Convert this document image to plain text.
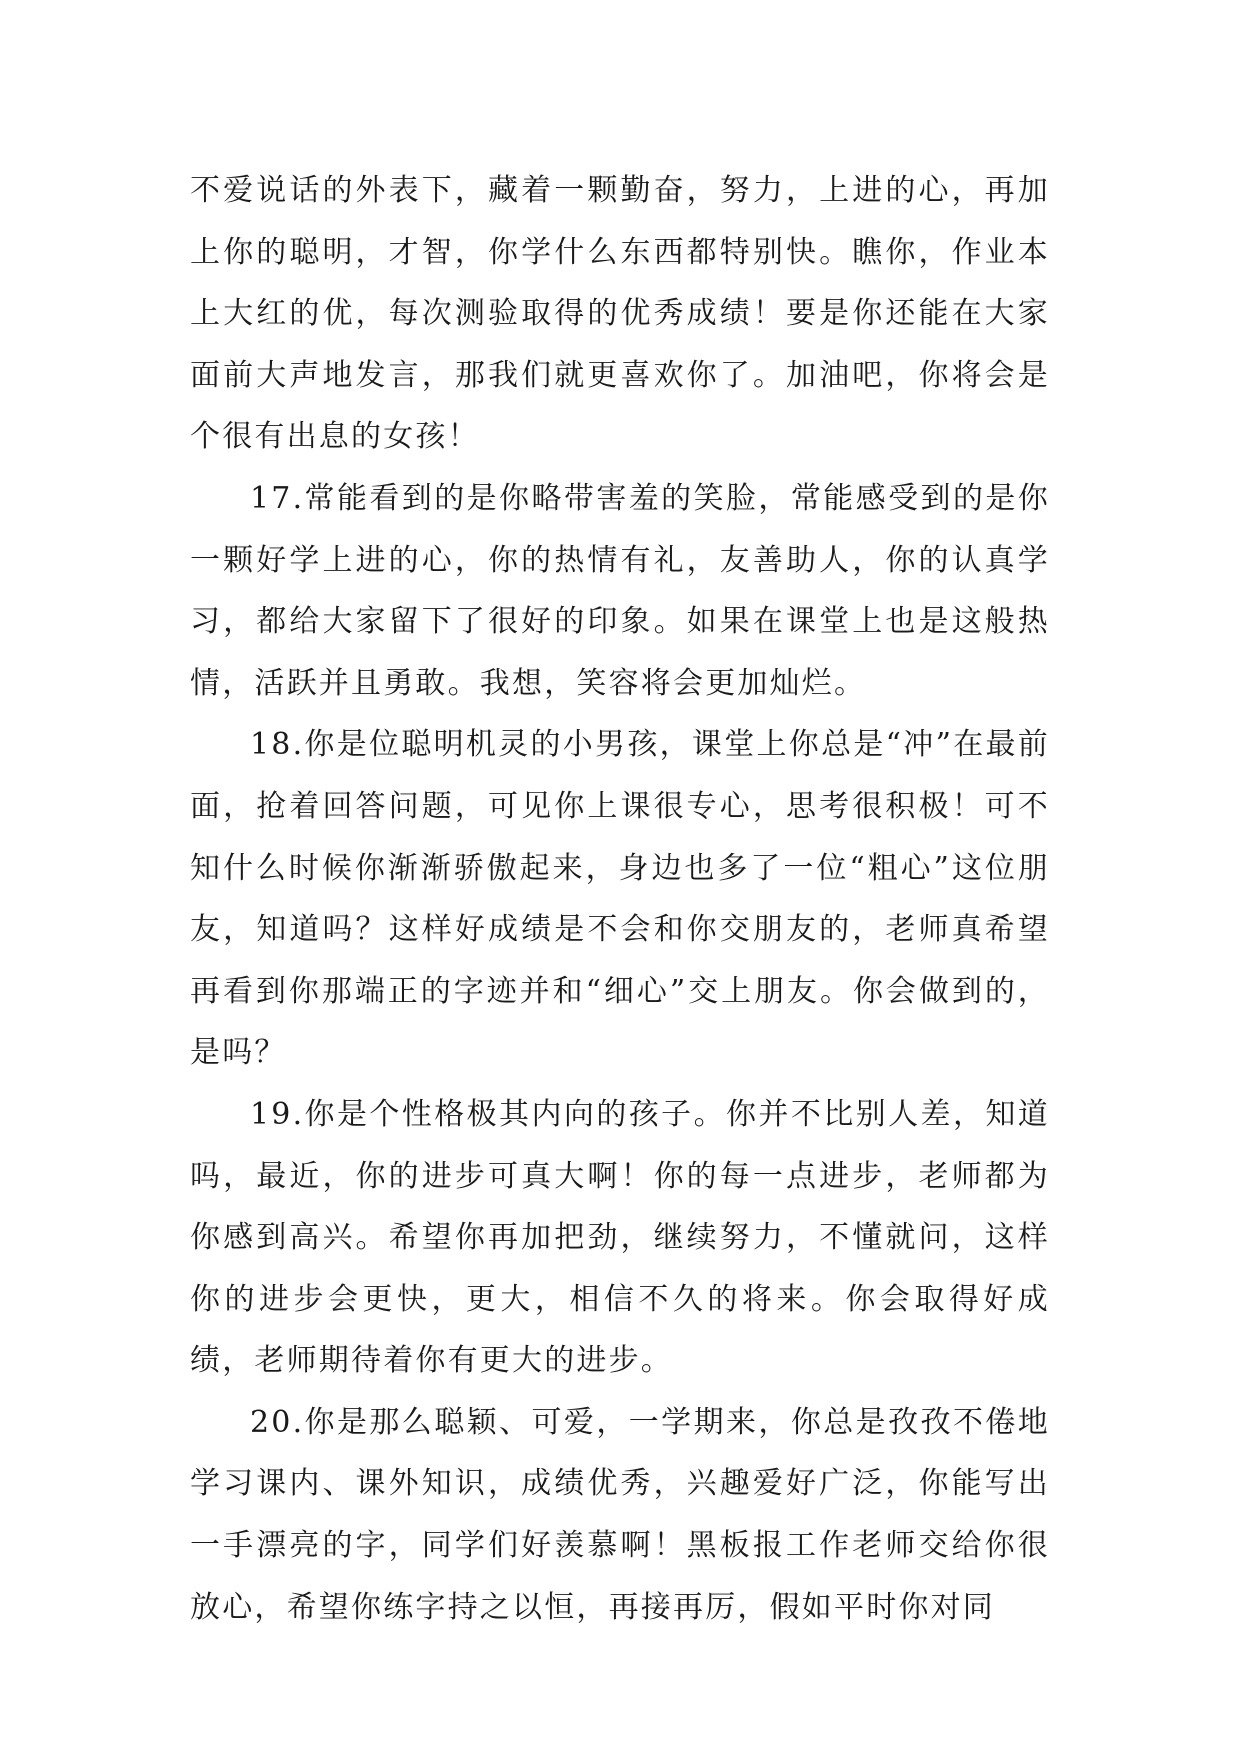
不爱说话的外表下，藏着一颗勤奋，努力，上进的心，再加上你的聪明，才智，你学什么东西都特别快。瞧你，作业本上大红的优，每次测验取得的优秀成绩！要是你还能在大家面前大声地发言，那我们就更喜欢你了。加油吧，你将会是个很有出息的女孩！

17.常能看到的是你略带害羞的笑脸，常能感受到的是你一颗好学上进的心，你的热情有礼，友善助人，你的认真学习，都给大家留下了很好的印象。如果在课堂上也是这般热情，活跃并且勇敢。我想，笑容将会更加灿烂。

18.你是位聪明机灵的小男孩，课堂上你总是“冲”在最前面，抢着回答问题，可见你上课很专心，思考很积极！可不知什么时候你渐渐骄傲起来，身边也多了一位“粗心”这位朋友，知道吗？这样好成绩是不会和你交朋友的，老师真希望再看到你那端正的字迹并和“细心”交上朋友。你会做到的，是吗？

19.你是个性格极其内向的孩子。你并不比别人差，知道吗，最近，你的进步可真大啊！你的每一点进步，老师都为你感到高兴。希望你再加把劲，继续努力，不懂就问，这样你的进步会更快，更大，相信不久的将来。你会取得好成绩，老师期待着你有更大的进步。

20.你是那么聪颖、可爱，一学期来，你总是孜孜不倦地学习课内、课外知识，成绩优秀，兴趣爱好广泛，你能写出一手漂亮的字，同学们好羡慕啊！黑板报工作老师交给你很放心，希望你练字持之以恒，再接再厉，假如平时你对同
